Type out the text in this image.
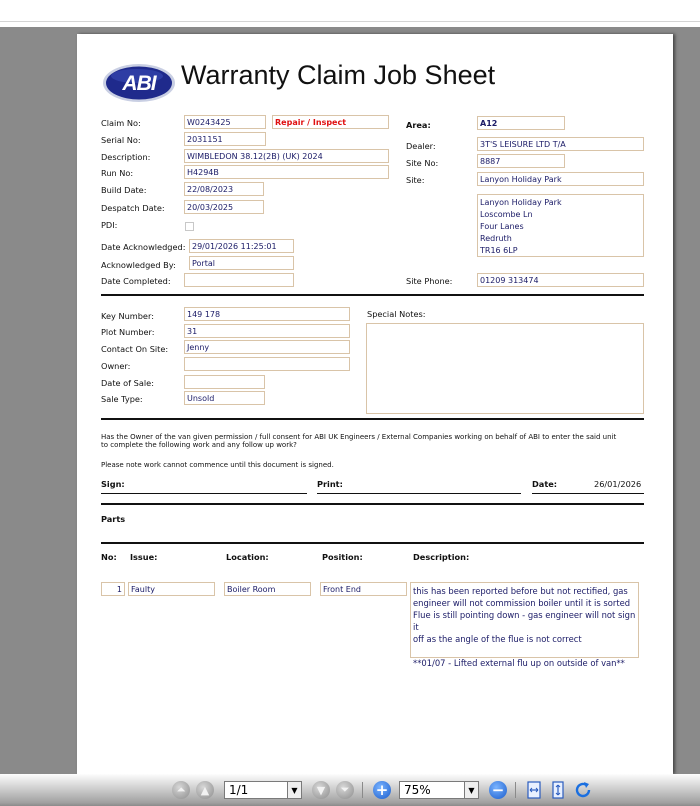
ABI Warranty Claim Job Sheet
Claim No:	W0243425	Repair / Inspect
Serial No:	2031151
Description:	WIMBLEDON 38.12(2B) (UK) 2024
Run No:	H4294B
Build Date:	22/08/2023
Despatch Date:	20/03/2025
PDI:
Date Acknowledged: 29/01/2026 11:25:01
Acknowledged By:	Portal
Date Completed:
Area:	A12
Dealer:	3T'S LEISURE LTD T/A
Site No:	8887
Site:	Lanyon Holiday Park
Lanyon Holiday Park
Loscombe Ln
Four Lanes
Redruth
TR16 6LP
Site Phone:	01209 313474
Key Number:	149 178
Plot Number:	31
Contact On Site:	Jenny
Owner:
Date of Sale:
Sale Type:	Unsold
Special Notes:
Has the Owner of the van given permission / full consent for ABI UK Engineers / External Companies working on behalf of ABI to enter the said unit
to complete the following work and any follow up work?
Please note work cannot commence until this document is signed.
Sign:	Print:	Date:	26/01/2026
Parts
No: Issue:	Location:	Position:	Description:
1	Faulty	Boiler Room	Front End	this has been reported before but not rectified, gas
engineer will not commission boiler until it is sorted
Flue is still pointing down - gas engineer will not sign it
off as the angle of the flue is not correct
**01/07 - Lifted external flu up on outside of van**
⏶	▲	1/1	▼	▼	⏷	+	75%	▼ −
